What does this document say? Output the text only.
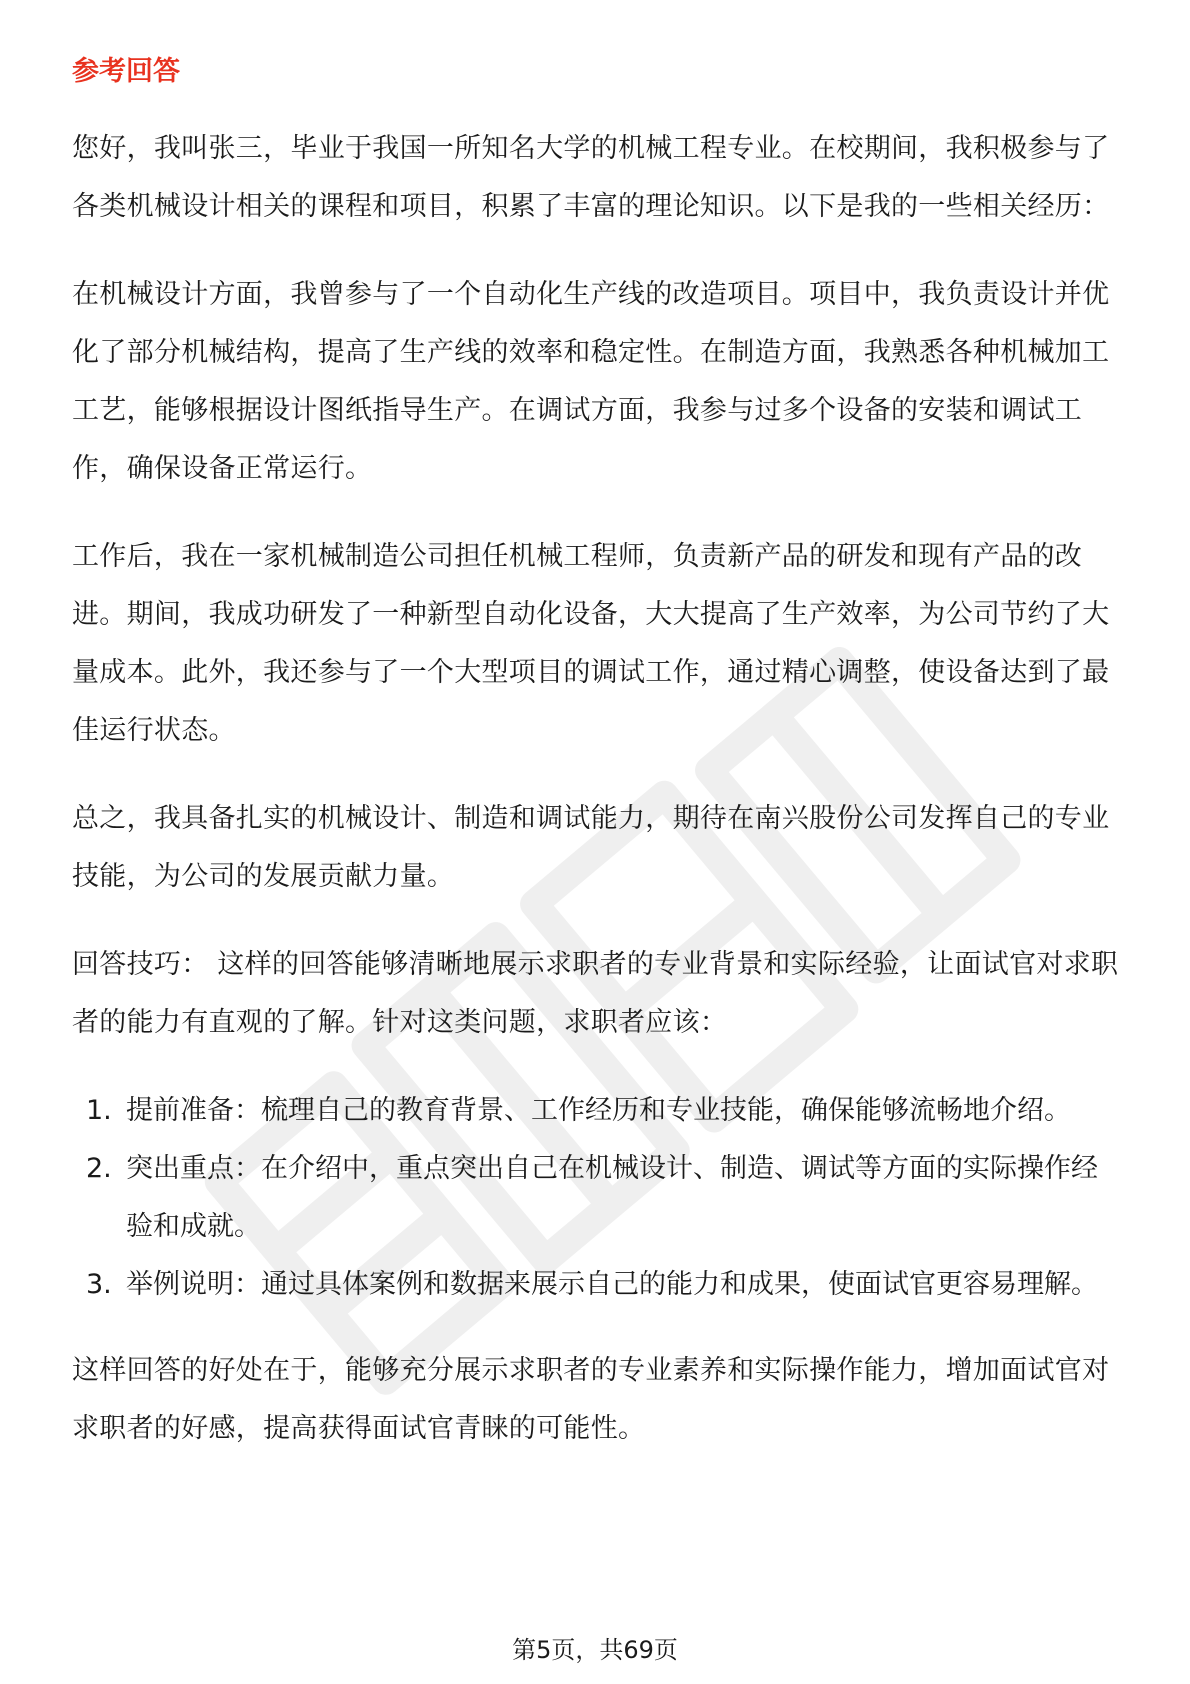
参考回答

您好，我叫张三，毕业于我国一所知名大学的机械工程专业。在校期间，我积极参与了各类机械设计相关的课程和项目，积累了丰富的理论知识。以下是我的一些相关经历：

在机械设计方面，我曾参与了一个自动化生产线的改造项目。项目中，我负责设计并优化了部分机械结构，提高了生产线的效率和稳定性。在制造方面，我熟悉各种机械加工工艺，能够根据设计图纸指导生产。在调试方面，我参与过多个设备的安装和调试工作，确保设备正常运行。

工作后，我在一家机械制造公司担任机械工程师，负责新产品的研发和现有产品的改进。期间，我成功研发了一种新型自动化设备，大大提高了生产效率，为公司节约了大量成本。此外，我还参与了一个大型项目的调试工作，通过精心调整，使设备达到了最佳运行状态。

总之，我具备扎实的机械设计、制造和调试能力，期待在南兴股份公司发挥自己的专业技能，为公司的发展贡献力量。

回答技巧： 这样的回答能够清晰地展示求职者的专业背景和实际经验，让面试官对求职者的能力有直观的了解。针对这类问题，求职者应该：

1. 提前准备：梳理自己的教育背景、工作经历和专业技能，确保能够流畅地介绍。
2. 突出重点：在介绍中，重点突出自己在机械设计、制造、调试等方面的实际操作经验和成就。
3. 举例说明：通过具体案例和数据来展示自己的能力和成果，使面试官更容易理解。

这样回答的好处在于，能够充分展示求职者的专业素养和实际操作能力，增加面试官对求职者的好感，提高获得面试官青睐的可能性。

第5页，共69页
